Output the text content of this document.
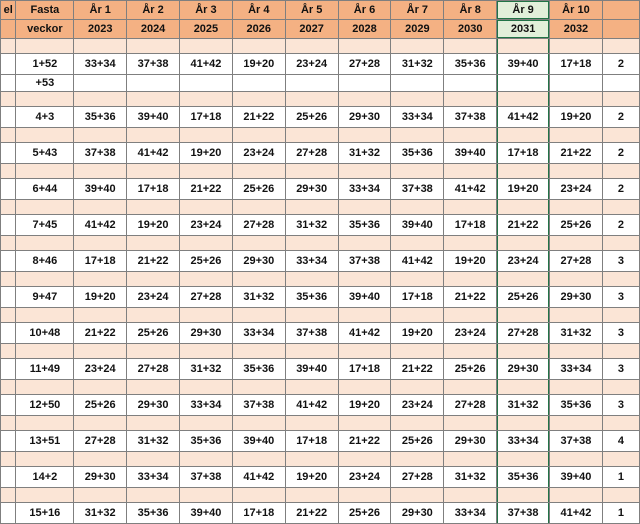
el	Fasta	År 1	År 2	År 3	År 4	År 5	År 6	År 7	År 8	År 9	År 10	
	veckor	2023	2024	2025	2026	2027	2028	2029	2030	2031	2032	

	1+52	33+34	37+38	41+42	19+20	23+24	27+28	31+32	35+36	39+40	17+18	2
	+53											

	4+3	35+36	39+40	17+18	21+22	25+26	29+30	33+34	37+38	41+42	19+20	2

	5+43	37+38	41+42	19+20	23+24	27+28	31+32	35+36	39+40	17+18	21+22	2

	6+44	39+40	17+18	21+22	25+26	29+30	33+34	37+38	41+42	19+20	23+24	2

	7+45	41+42	19+20	23+24	27+28	31+32	35+36	39+40	17+18	21+22	25+26	2

	8+46	17+18	21+22	25+26	29+30	33+34	37+38	41+42	19+20	23+24	27+28	3

	9+47	19+20	23+24	27+28	31+32	35+36	39+40	17+18	21+22	25+26	29+30	3

	10+48	21+22	25+26	29+30	33+34	37+38	41+42	19+20	23+24	27+28	31+32	3

	11+49	23+24	27+28	31+32	35+36	39+40	17+18	21+22	25+26	29+30	33+34	3

	12+50	25+26	29+30	33+34	37+38	41+42	19+20	23+24	27+28	31+32	35+36	3

	13+51	27+28	31+32	35+36	39+40	17+18	21+22	25+26	29+30	33+34	37+38	4

	14+2	29+30	33+34	37+38	41+42	19+20	23+24	27+28	31+32	35+36	39+40	1

	15+16	31+32	35+36	39+40	17+18	21+22	25+26	29+30	33+34	37+38	41+42	1
